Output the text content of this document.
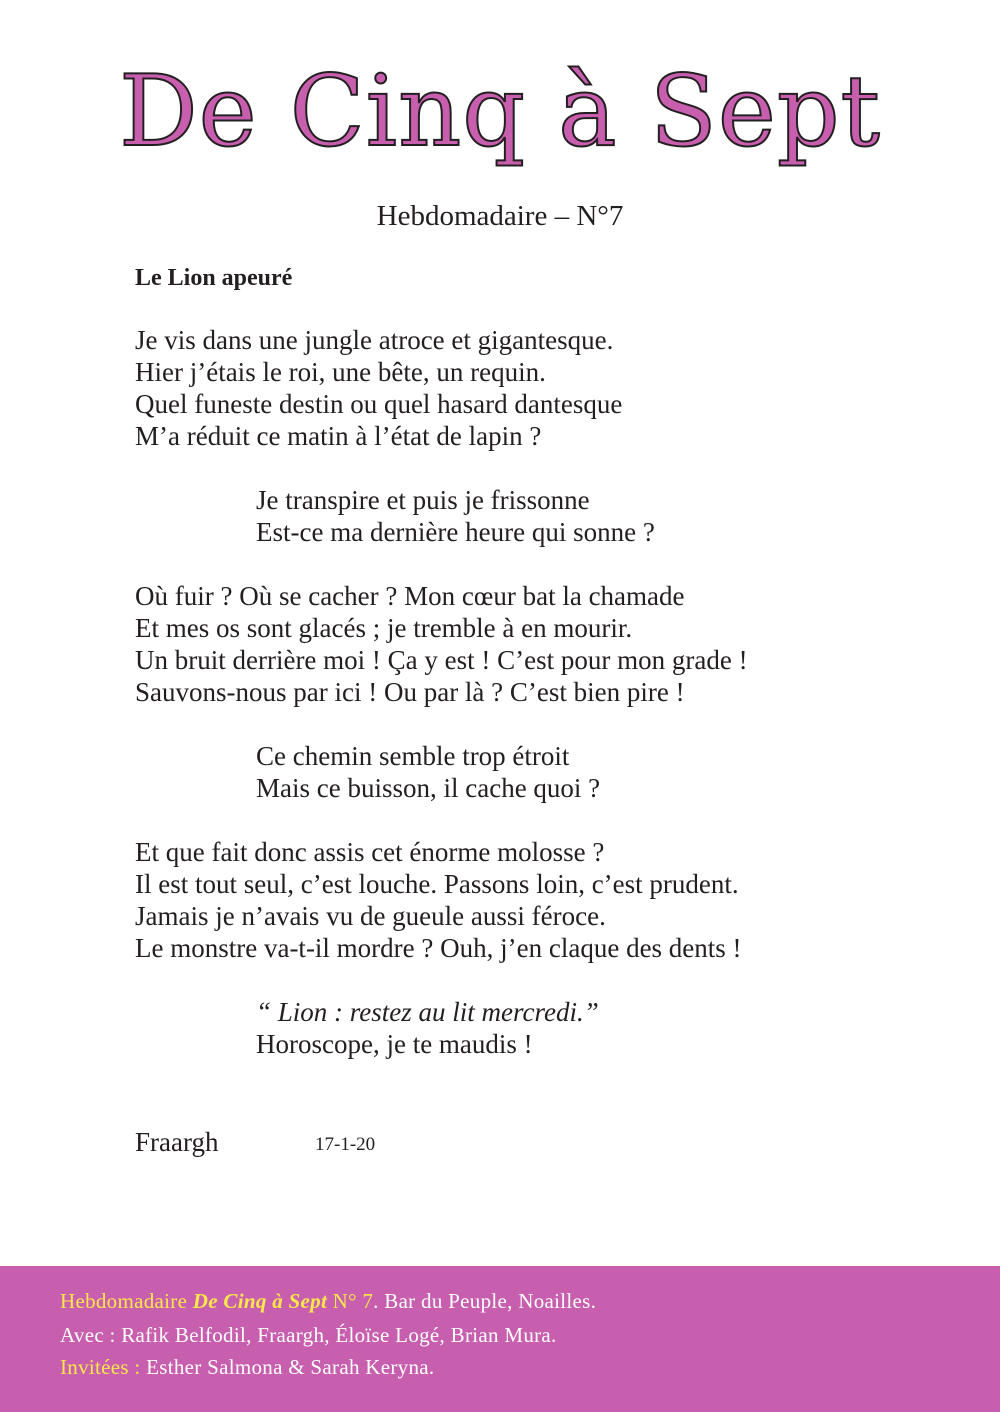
De Cinq à Sept
Hebdomadaire – N°7
Le Lion apeuré
Je vis dans une jungle atroce et gigantesque.
Hier j’étais le roi, une bête, un requin.
Quel funeste destin ou quel hasard dantesque
M’a réduit ce matin à l’état de lapin ?
Je transpire et puis je frissonne
Est-ce ma dernière heure qui sonne ?
Où fuir ? Où se cacher ? Mon cœur bat la chamade
Et mes os sont glacés ; je tremble à en mourir.
Un bruit derrière moi ! Ça y est ! C’est pour mon grade !
Sauvons-nous par ici ! Ou par là ? C’est bien pire !
Ce chemin semble trop étroit
Mais ce buisson, il cache quoi ?
Et que fait donc assis cet énorme molosse ?
Il est tout seul, c’est louche. Passons loin, c’est prudent.
Jamais je n’avais vu de gueule aussi féroce.
Le monstre va-t-il mordre ? Ouh, j’en claque des dents !
“ Lion : restez au lit mercredi.”
Horoscope, je te maudis !
Fraargh	17-1-20
Hebdomadaire De Cinq à Sept N° 7. Bar du Peuple, Noailles.
Avec : Rafik Belfodil, Fraargh, Éloïse Logé, Brian Mura.
Invitées : Esther Salmona & Sarah Keryna.
